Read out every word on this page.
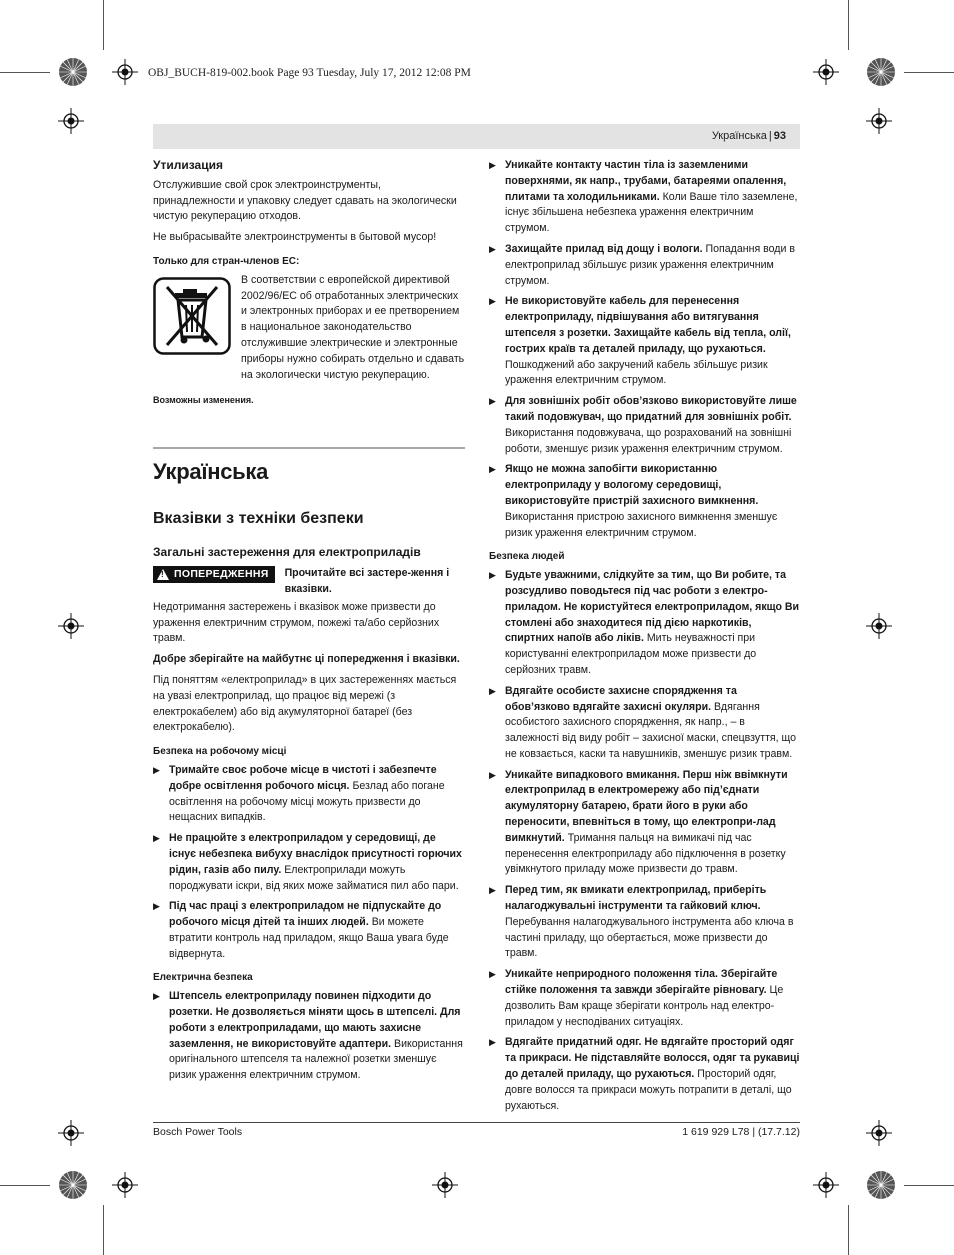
OBJ_BUCH-819-002.book Page 93 Tuesday, July 17, 2012 12:08 PM
Українська | 93
Утилизация

Отслужившие свой срок электроинструменты, принадлежности и упаковку следует сдавать на экологически чистую рекуперацию отходов.

Не выбрасывайте электроинструменты в бытовой мусор!

Только для стран-членов ЕС:
В соответствии с европейской директивой 2002/96/ЕС об отработанных электрических и электронных приборах и ее претворением в национальное законодательство отслужившие электрические и электронные приборы нужно собирать отдельно и сдавать на экологически чистую рекуперацию.
Возможны изменения.
Українська
Вказівки з техніки безпеки
Загальні застереження для електроприладів
! ПОПЕРЕДЖЕННЯ Прочитайте всі застере-ження і вказівки.

Недотримання застережень і вказівок може призвести до ураження електричним струмом, пожежі та/або серйозних травм.

Добре зберігайте на майбутнє ці попередження і вказівки.

Під поняттям «електроприлад» в цих застереженнях мається на увазі електроприлад, що працює від мережі (з електрокабелем) або від акумуляторної батареї (без електрокабелю).

Безпека на робочому місці
▶ Тримайте своє робоче місце в чистоті і забезпечте добре освітлення робочого місця. Безлад або погане освітлення на робочому місці можуть призвести до нещасних випадків.
▶ Не працюйте з електроприладом у середовищі, де існує небезпека вибуху внаслідок присутності горючих рідин, газів або пилу. Електроприлади можуть породжувати іскри, від яких може займатися пил або пари.
▶ Під час праці з електроприладом не підпускайте до робочого місця дітей та інших людей. Ви можете втратити контроль над приладом, якщо Ваша увага буде відвернута.
Електрична безпека
▶ Штепсель електроприладу повинен підходити до розетки. Не дозволяється міняти щось в штепселі. Для роботи з електроприладами, що мають захисне заземлення, не використовуйте адаптери. Використання оригінального штепселя та належної розетки зменшує ризик ураження електричним струмом.
▶ Уникайте контакту частин тіла із заземленими поверхнями, як напр., трубами, батареями опалення, плитами та холодильниками. Коли Ваше тіло заземлене, існує збільшена небезпека ураження електричним струмом.
▶ Захищайте прилад від дощу і вологи. Попадання води в електроприлад збільшує ризик ураження електричним струмом.
▶ Не використовуйте кабель для перенесення електроприладу, підвішування або витягування штепселя з розетки. Захищайте кабель від тепла, олії, гострих країв та деталей приладу, що рухаються. Пошкоджений або закручений кабель збільшує ризик ураження електричним струмом.
▶ Для зовнішніх робіт обов’язково використовуйте лише такий подовжувач, що придатний для зовнішніх робіт. Використання подовжувача, що розрахований на зовнішні роботи, зменшує ризик ураження електричним струмом.
▶ Якщо не можна запобігти використанню електроприладу у вологому середовищі, використовуйте пристрій захисного вимкнення. Використання пристрою захисного вимкнення зменшує ризик ураження електричним струмом.
Безпека людей
▶ Будьте уважними, слідкуйте за тим, що Ви робите, та розсудливо поводьтеся під час роботи з електро-приладом. Не користуйтеся електроприладом, якщо Ви стомлені або знаходитеся під дією наркотиків, спиртних напоїв або ліків. Мить неуважності при користуванні електроприладом може призвести до серйозних травм.
▶ Вдягайте особисте захисне спорядження та обов’язково вдягайте захисні окуляри. Вдягання особистого захисного спорядження, як напр., – в залежності від виду робіт – захисної маски, спецвзуття, що не ковзається, каски та навушників, зменшує ризик травм.
▶ Уникайте випадкового вмикання. Перш ніж ввімкнути електроприлад в електромережу або під’єднати акумуляторну батарею, брати його в руки або переносити, впевніться в тому, що електропри-лад вимкнутий. Тримання пальця на вимикачі під час перенесення електроприладу або підключення в розетку увімкнутого приладу може призвести до травм.
▶ Перед тим, як вмикати електроприлад, приберіть налагоджувальні інструменти та гайковий ключ. Перебування налагоджувального інструмента або ключа в частині приладу, що обертається, може призвести до травм.
▶ Уникайте неприродного положення тіла. Зберігайте стійке положення та завжди зберігайте рівновагу. Це дозволить Вам краще зберігати контроль над електро-приладом у несподіваних ситуаціях.
▶ Вдягайте придатний одяг. Не вдягайте просторий одяг та прикраси. Не підставляйте волосся, одяг та рукавиці до деталей приладу, що рухаються. Просторий одяг, довге волосся та прикраси можуть потрапити в деталі, що рухаються.
Bosch Power Tools	1 619 929 L78 | (17.7.12)
